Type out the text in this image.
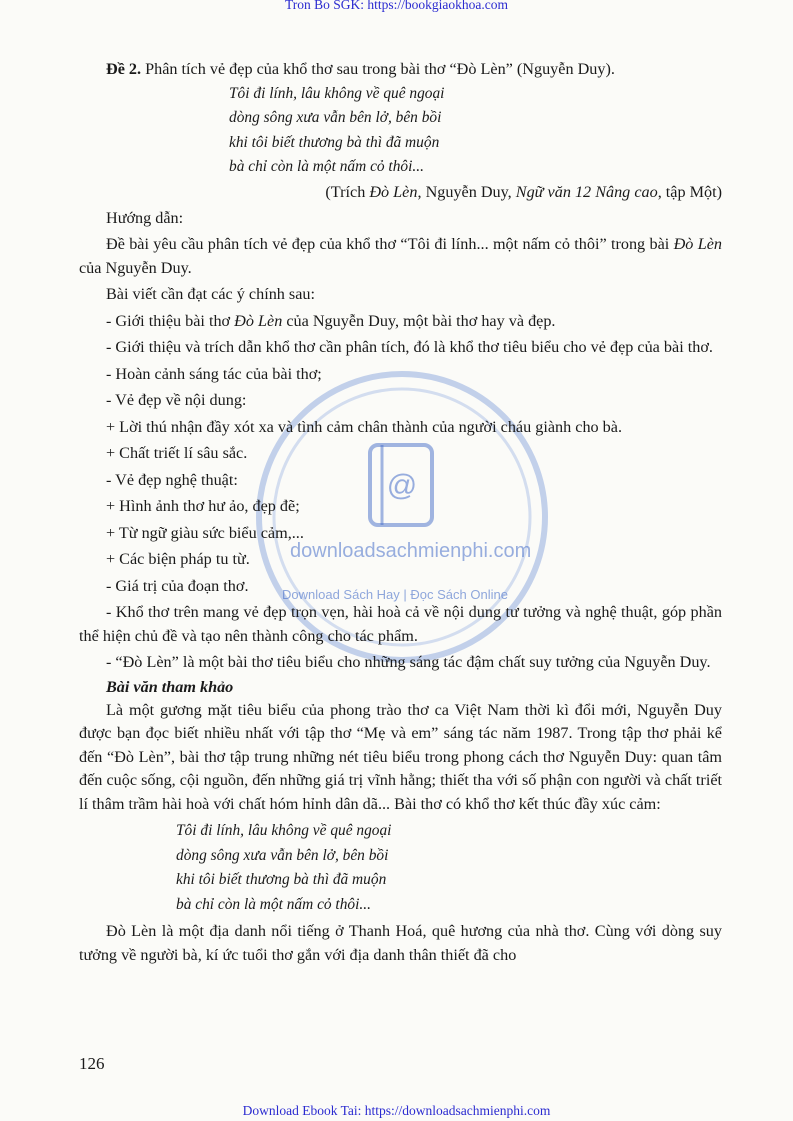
Tron Bo SGK: https://bookgiaokhoa.com
@
downloadsachmienphi.com
Download Sách Hay | Đọc Sách Online

Đề 2. Phân tích vẻ đẹp của khổ thơ sau trong bài thơ “Đò Lèn” (Nguyễn Duy).

Tôi đi lính, lâu không về quê ngoại
dòng sông xưa vẫn bên lở, bên bồi
khi tôi biết thương bà thì đã muộn
bà chỉ còn là một nấm cỏ thôi...

(Trích Đò Lèn, Nguyễn Duy, Ngữ văn 12 Nâng cao, tập Một)

Hướng dẫn:

Đề bài yêu cầu phân tích vẻ đẹp của khổ thơ “Tôi đi lính... một nấm cỏ thôi” trong bài Đò Lèn của Nguyễn Duy.

Bài viết cần đạt các ý chính sau:

- Giới thiệu bài thơ Đò Lèn của Nguyễn Duy, một bài thơ hay và đẹp.

- Giới thiệu và trích dẫn khổ thơ cần phân tích, đó là khổ thơ tiêu biểu cho vẻ đẹp của bài thơ.

- Hoàn cảnh sáng tác của bài thơ;

- Vẻ đẹp về nội dung:

+ Lời thú nhận đầy xót xa và tình cảm chân thành của người cháu giành cho bà.

+ Chất triết lí sâu sắc.

- Vẻ đẹp nghệ thuật:

+ Hình ảnh thơ hư ảo, đẹp đẽ;

+ Từ ngữ giàu sức biểu cảm,...

+ Các biện pháp tu từ.

- Giá trị của đoạn thơ.

- Khổ thơ trên mang vẻ đẹp trọn vẹn, hài hoà cả về nội dung tư tưởng và nghệ thuật, góp phần thể hiện chủ đề và tạo nên thành công cho tác phẩm.

- “Đò Lèn” là một bài thơ tiêu biểu cho những sáng tác đậm chất suy tưởng của Nguyễn Duy.

Bài văn tham khảo

Là một gương mặt tiêu biểu của phong trào thơ ca Việt Nam thời kì đổi mới, Nguyễn Duy được bạn đọc biết nhiều nhất với tập thơ “Mẹ và em” sáng tác năm 1987. Trong tập thơ phải kể đến “Đò Lèn”, bài thơ tập trung những nét tiêu biểu trong phong cách thơ Nguyễn Duy: quan tâm đến cuộc sống, cội nguồn, đến những giá trị vĩnh hằng; thiết tha với số phận con người và chất triết lí thâm trầm hài hoà với chất hóm hỉnh dân dã... Bài thơ có khổ thơ kết thúc đầy xúc cảm:

Tôi đi lính, lâu không về quê ngoại
dòng sông xưa vẫn bên lở, bên bồi
khi tôi biết thương bà thì đã muộn
bà chỉ còn là một nấm cỏ thôi...

Đò Lèn là một địa danh nổi tiếng ở Thanh Hoá, quê hương của nhà thơ. Cùng với dòng suy tưởng về người bà, kí ức tuổi thơ gắn với địa danh thân thiết đã cho

126
Download Ebook Tai: https://downloadsachmienphi.com
